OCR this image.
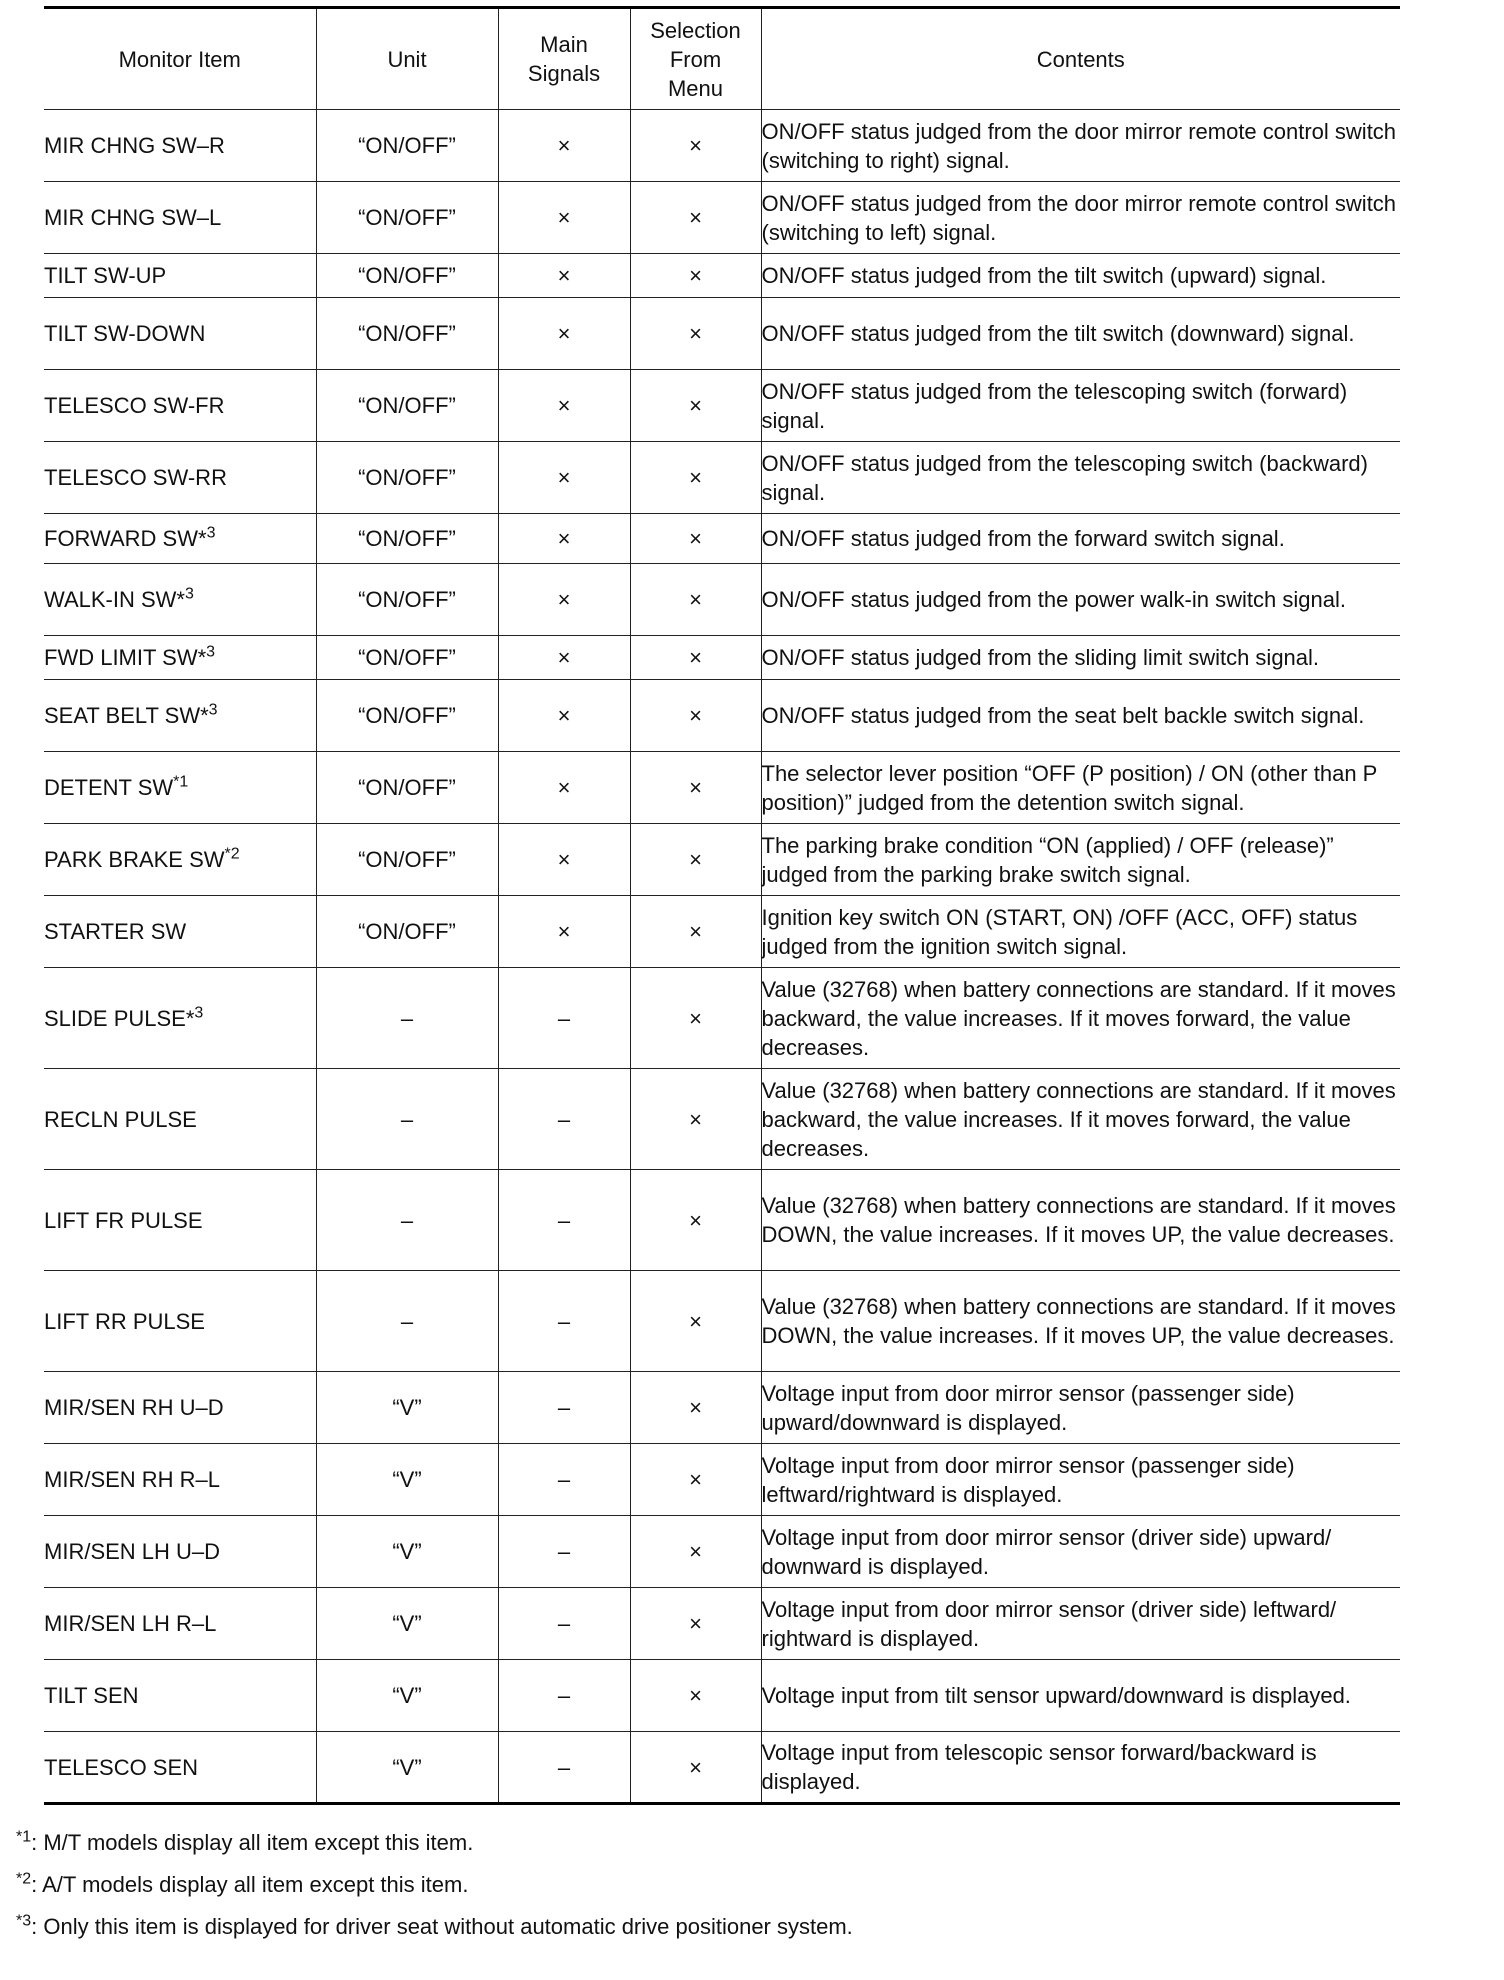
Monitor Item	Unit	Main Signals	Selection From Menu	Contents
MIR CHNG SW–R	“ON/OFF”	×	×	ON/OFF status judged from the door mirror remote control switch (switching to right) signal.
MIR CHNG SW–L	“ON/OFF”	×	×	ON/OFF status judged from the door mirror remote control switch (switching to left) signal.
TILT SW-UP	“ON/OFF”	×	×	ON/OFF status judged from the tilt switch (upward) signal.
TILT SW-DOWN	“ON/OFF”	×	×	ON/OFF status judged from the tilt switch (downward) signal.
TELESCO SW-FR	“ON/OFF”	×	×	ON/OFF status judged from the telescoping switch (forward) signal.
TELESCO SW-RR	“ON/OFF”	×	×	ON/OFF status judged from the telescoping switch (backward) signal.
FORWARD SW*$^3$	“ON/OFF”	×	×	ON/OFF status judged from the forward switch signal.
WALK-IN SW*$^3$	“ON/OFF”	×	×	ON/OFF status judged from the power walk-in switch signal.
FWD LIMIT SW*$^3$	“ON/OFF”	×	×	ON/OFF status judged from the sliding limit switch signal.
SEAT BELT SW*$^3$	“ON/OFF”	×	×	ON/OFF status judged from the seat belt backle switch signal.
DETENT SW$^{*1}$	“ON/OFF”	×	×	The selector lever position “OFF (P position) / ON (other than P position)” judged from the detention switch signal.
PARK BRAKE SW$^{*2}$	“ON/OFF”	×	×	The parking brake condition “ON (applied) / OFF (release)” judged from the parking brake switch signal.
STARTER SW	“ON/OFF”	×	×	Ignition key switch ON (START, ON) /OFF (ACC, OFF) status judged from the ignition switch signal.
SLIDE PULSE*$^3$	–	–	×	Value (32768) when battery connections are standard. If it moves backward, the value increases. If it moves forward, the value decreases.
RECLN PULSE	–	–	×	Value (32768) when battery connections are standard. If it moves backward, the value increases. If it moves forward, the value decreases.
LIFT FR PULSE	–	–	×	Value (32768) when battery connections are standard. If it moves DOWN, the value increases. If it moves UP, the value decreases.
LIFT RR PULSE	–	–	×	Value (32768) when battery connections are standard. If it moves DOWN, the value increases. If it moves UP, the value decreases.
MIR/SEN RH U–D	“V”	–	×	Voltage input from door mirror sensor (passenger side) upward/downward is displayed.
MIR/SEN RH R–L	“V”	–	×	Voltage input from door mirror sensor (passenger side) leftward/rightward is displayed.
MIR/SEN LH U–D	“V”	–	×	Voltage input from door mirror sensor (driver side) upward/ downward is displayed.
MIR/SEN LH R–L	“V”	–	×	Voltage input from door mirror sensor (driver side) leftward/ rightward is displayed.
TILT SEN	“V”	–	×	Voltage input from tilt sensor upward/downward is displayed.
TELESCO SEN	“V”	–	×	Voltage input from telescopic sensor forward/backward is displayed.
$^{*1}$: M/T models display all item except this item.
$^{*2}$: A/T models display all item except this item.
$^{*3}$: Only this item is displayed for driver seat without automatic drive positioner system.
